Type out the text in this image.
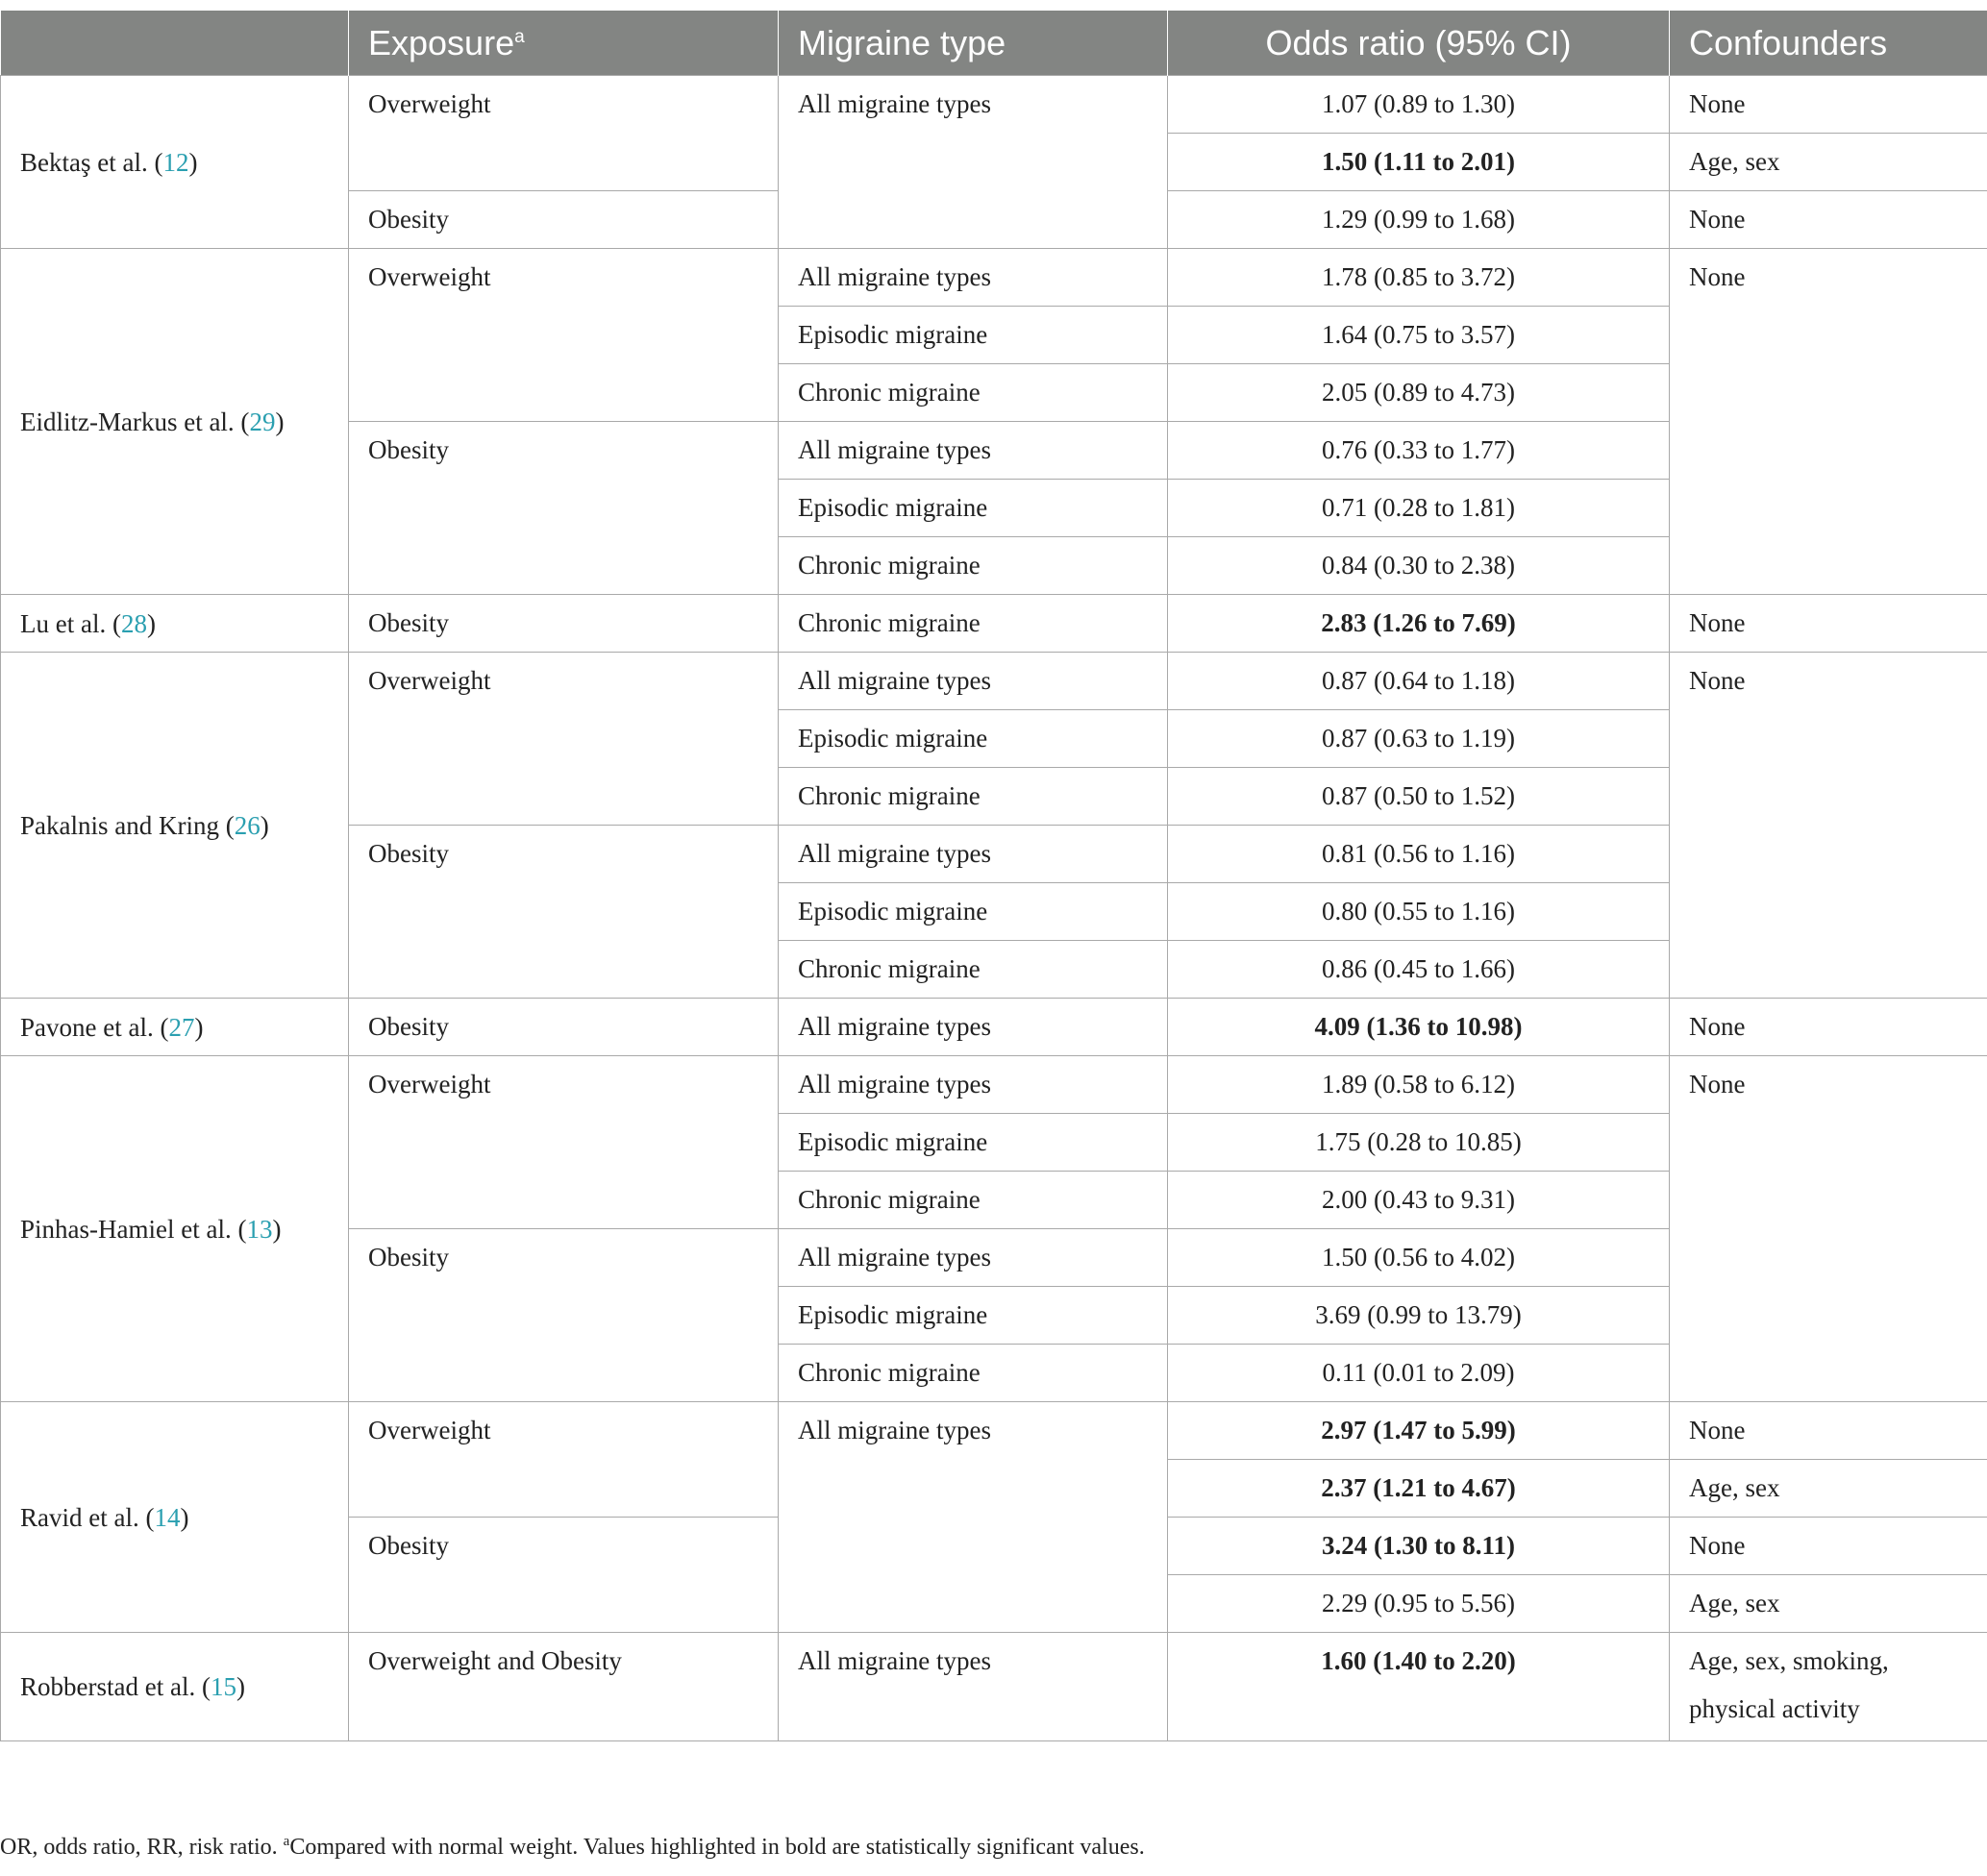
	Exposure$^a$	Migraine type	Odds ratio (95% CI)	Confounders
Bektaş et al. (12)	Overweight	All migraine types	1.07 (0.89 to 1.30)	None
			1.50 (1.11 to 2.01)	Age, sex
	Obesity		1.29 (0.99 to 1.68)	None
Eidlitz-Markus et al. (29)	Overweight	All migraine types	1.78 (0.85 to 3.72)	None
		Episodic migraine	1.64 (0.75 to 3.57)	
		Chronic migraine	2.05 (0.89 to 4.73)	
	Obesity	All migraine types	0.76 (0.33 to 1.77)	
		Episodic migraine	0.71 (0.28 to 1.81)	
		Chronic migraine	0.84 (0.30 to 2.38)	
Lu et al. (28)	Obesity	Chronic migraine	2.83 (1.26 to 7.69)	None
Pakalnis and Kring (26)	Overweight	All migraine types	0.87 (0.64 to 1.18)	None
		Episodic migraine	0.87 (0.63 to 1.19)	
		Chronic migraine	0.87 (0.50 to 1.52)	
	Obesity	All migraine types	0.81 (0.56 to 1.16)	
		Episodic migraine	0.80 (0.55 to 1.16)	
		Chronic migraine	0.86 (0.45 to 1.66)	
Pavone et al. (27)	Obesity	All migraine types	4.09 (1.36 to 10.98)	None
Pinhas-Hamiel et al. (13)	Overweight	All migraine types	1.89 (0.58 to 6.12)	None
		Episodic migraine	1.75 (0.28 to 10.85)	
		Chronic migraine	2.00 (0.43 to 9.31)	
	Obesity	All migraine types	1.50 (0.56 to 4.02)	
		Episodic migraine	3.69 (0.99 to 13.79)	
		Chronic migraine	0.11 (0.01 to 2.09)	
Ravid et al. (14)	Overweight	All migraine types	2.97 (1.47 to 5.99)	None
			2.37 (1.21 to 4.67)	Age, sex
	Obesity		3.24 (1.30 to 8.11)	None
			2.29 (0.95 to 5.56)	Age, sex
Robberstad et al. (15)	Overweight and Obesity	All migraine types	1.60 (1.40 to 2.20)	Age, sex, smoking, physical activity

OR, odds ratio, RR, risk ratio. $^a$Compared with normal weight. Values highlighted in bold are statistically significant values.
